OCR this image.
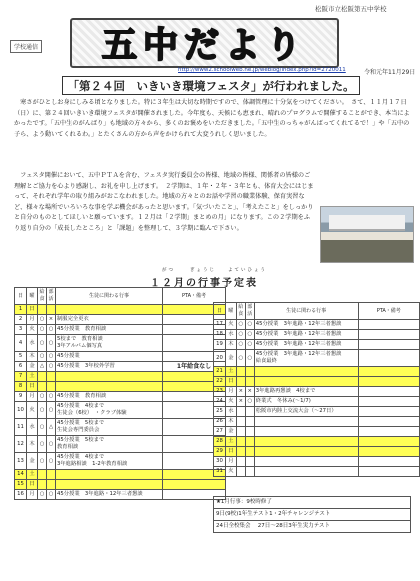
松阪市立松阪第五中学校
学校通信 五中だより
http://www2.schoolweb.ne.jp/weblog/index.php?id=2720011	令和元年11月29日
「第２４回　いきいき環境フェスタ」が行われました。
　寒さがひとしお身にしみる頃となりました。特に３年生は大切な時期ですので、体調管理に十分気をつけてください。　さて、１１月１７日（日）に、第２４回いきいき環境フェスタが開催されました。今年度も、天候にも恵まれ、晴れのプログラムで開催することができ、本当によかったです。「五中生のがんばり」も地域の方々から、多くのお褒めをいただきました。「五中生のっちゃがんばってくれてるで！」や「五中の子ら、よう動いてくれるわ。」とたくさんの方から声をかけられて大変うれしく思いました。
　フェスタ開催において、五中ＰＴＡを含む、フェスタ実行委員会の皆様、地域の皆様、関係者の皆様のご理解とご協力を心より感謝し、お礼を申し上げます。　２学期は、１年・２年・３年とも、体育大会にはじまって、それぞれ学年の取り組みがおこなわれました。地域の方々とのお話や学習の職業体験、保育実習など、様々な場所でいろいろな事を学ぶ機会があったと思います。「気づいたこと」、「考えたこと」をしっかりと自分のものとしてほしいと願っています。１２月は「２学期」まとめの月」になります。この２学期をふり返り自分の「成長したところ」と「課題」を整理して、３学期に臨んで下さい。
がつ	ぎょうじ	よていひょう
１２月の行事予定表
日	曜	給食	部活	生徒に関わる行事	PTA・備考
1	日				
2	月	○	×	制服完全更衣	
3	火	○	○	45分授業　教育相談	
4	水	○	○	5校まで　教育相談
3年アルバム個写真	
5	木	○	○	45分授業	
6	金	△	○	45分授業　3年校外学習	1年給食なし
7	土				
8	日				
9	月	○	○	45分授業　教育相談	
10	火	○	○	45分授業　4校まで
生徒会（6校）　・クラブ体験	
11	水	○	△	45分授業　5校まで
生徒会専門委員会	
12	木	○	○	45分授業　5校まで
教育相談	
13	金	○	○	45分授業　4校まで
3年進路相談　1-2年教育相談	
14	土				
15	日				
16	月	○	○	45分授業　3年進路・12年三者懇談	
日	曜	給食	部活	生徒に関わる行事	PTA・備考
17	火	○	○	45分授業　3年進路・12年三者懇談	
18	水	○	○	45分授業　3年進路・12年三者懇談	
19	木	○	○	45分授業　3年進路・12年三者懇談	
20	金	○	○	45分授業　3年進路・12年三者懇談
給食最終	
21	土				
22	日				
23	月	×	×	3年進路再懇談　4校まで	
24	火	×	○	終業式　冬休み(～1/7)	
25	水			松阪市内陸上交流大会（～27日）	
26	木				
27	金				
28	土				
29	日				
30	月				
31	火				
★1月行事：9校時修了
9日(9校)1年生テスト1・2年チャレンジテスト
24日全校集会　 27日～28日3年生実力テスト
